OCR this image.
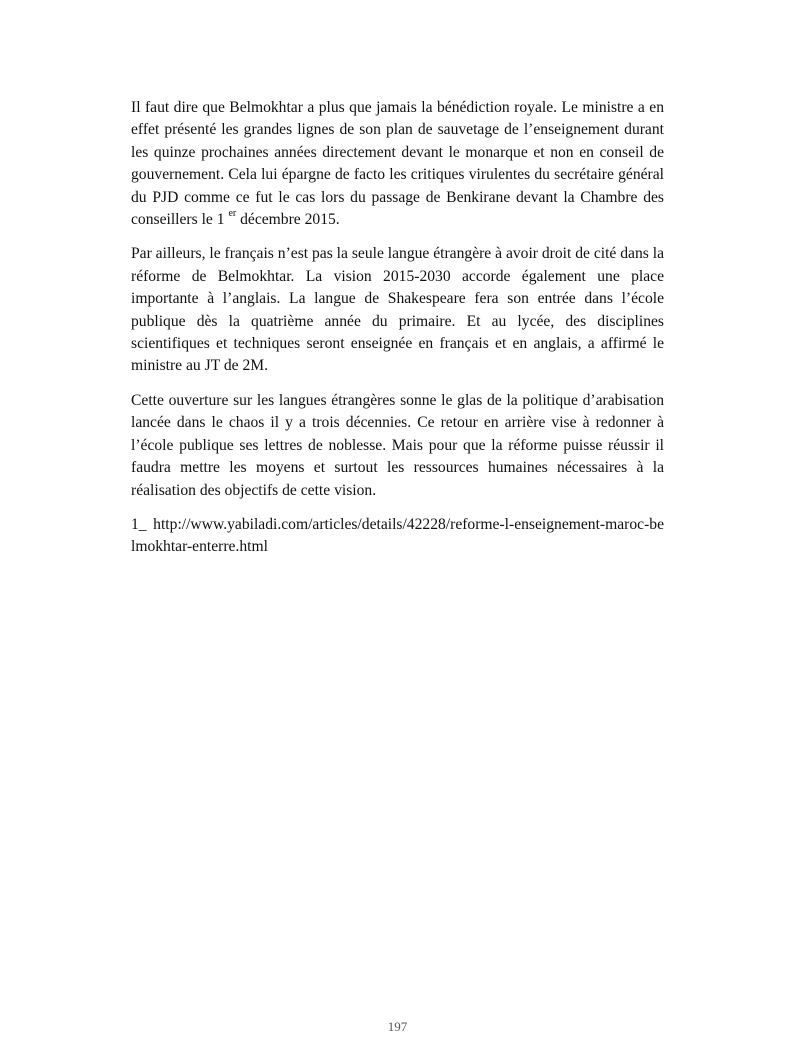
Il faut dire que Belmokhtar a plus que jamais la bénédiction royale. Le ministre a en effet présenté les grandes lignes de son plan de sauvetage de l’enseignement durant les quinze prochaines années directement devant le monarque et non en conseil de gouvernement. Cela lui épargne de facto les critiques virulentes du secrétaire général du PJD comme ce fut le cas lors du passage de Benkirane devant la Chambre des conseillers le 1 $^{er}$ décembre 2015.

Par ailleurs, le français n’est pas la seule langue étrangère à avoir droit de cité dans la réforme de Belmokhtar. La vision 2015-2030 accorde également une place importante à l’anglais. La langue de Shakespeare fera son entrée dans l’école publique dès la quatrième année du primaire. Et au lycée, des disciplines scientifiques et techniques seront enseignée en français et en anglais, a affirmé le ministre au JT de 2M.

Cette ouverture sur les langues étrangères sonne le glas de la politique d’arabisation lancée dans le chaos il y a trois décennies. Ce retour en arrière vise à redonner à l’école publique ses lettres de noblesse. Mais pour que la réforme puisse réussir il faudra mettre les moyens et surtout les ressources humaines nécessaires à la réalisation des objectifs de cette vision.

1_ http://www.yabiladi.com/articles/details/42228/reforme-l-enseignement-maroc-belmokhtar-enterre.html

197
